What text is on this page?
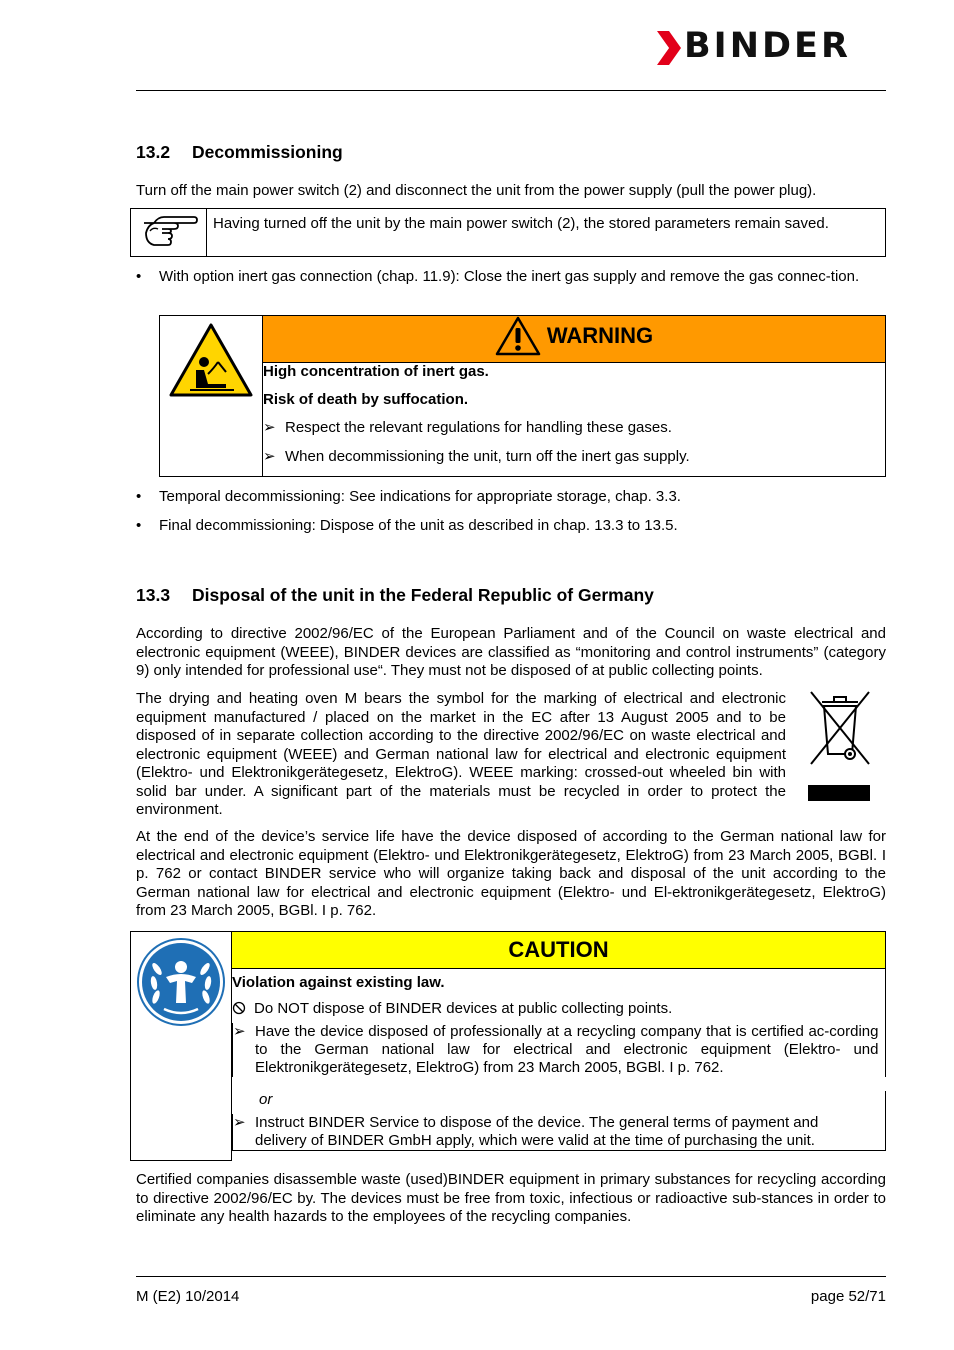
BINDER
13.2 Decommissioning

Turn off the main power switch (2) and disconnect the unit from the power supply (pull the power plug).

	Having turned off the unit by the main power switch (2), the stored parameters remain saved.
• With option inert gas connection (chap. 11.9): Close the inert gas supply and remove the gas connec-tion.
	WARNING
High concentration of inert gas.
Risk of death by suffocation.
➢ Respect the relevant regulations for handling these gases.
➢ When decommissioning the unit, turn off the inert gas supply.
• Temporal decommissioning: See indications for appropriate storage, chap. 3.3.
• Final decommissioning: Dispose of the unit as described in chap. 13.3 to 13.5.
13.3 Disposal of the unit in the Federal Republic of Germany

According to directive 2002/96/EC of the European Parliament and of the Council on waste electrical and electronic equipment (WEEE), BINDER devices are classified as “monitoring and control instruments” (category 9) only intended for professional use“. They must not be disposed of at public collecting points.

The drying and heating oven M bears the symbol for the marking of electrical and electronic equipment manufactured / placed on the market in the EC after 13 August 2005 and to be disposed of in separate collection according to the directive 2002/96/EC on waste electrical and electronic equipment (WEEE) and German national law for electrical and electronic equipment (Elektro- und Elektronikgerätegesetz, ElektroG). WEEE marking: crossed-out wheeled bin with solid bar under. A significant part of the materials must be recycled in order to protect the environment.

At the end of the device’s service life have the device disposed of according to the German national law for electrical and electronic equipment (Elektro- und Elektronikgerätegesetz, ElektroG) from 23 March 2005, BGBl. I p. 762 or contact BINDER service who will organize taking back and disposal of the unit according to the German national law for electrical and electronic equipment (Elektro- und El-ektronikgerätegesetz, ElektroG) from 23 March 2005, BGBl. I p. 762.

	CAUTION
Violation against existing law.
Do NOT dispose of BINDER devices at public collecting points.

➢ Have the device disposed of professionally at a recycling company that is certified ac-cording to the German national law for electrical and electronic equipment (Elektro- und Elektronikgerätegesetz, ElektroG) from 23 March 2005, BGBl. I p. 762.

or

➢ Instruct BINDER Service to dispose of the device. The general terms of payment and delivery of BINDER GmbH apply, which were valid at the time of purchasing the unit.

Certified companies disassemble waste (used)BINDER equipment in primary substances for recycling according to directive 2002/96/EC by. The devices must be free from toxic, infectious or radioactive sub-stances in order to eliminate any health hazards to the employees of the recycling companies.

M (E2) 10/2014	page 52/71
